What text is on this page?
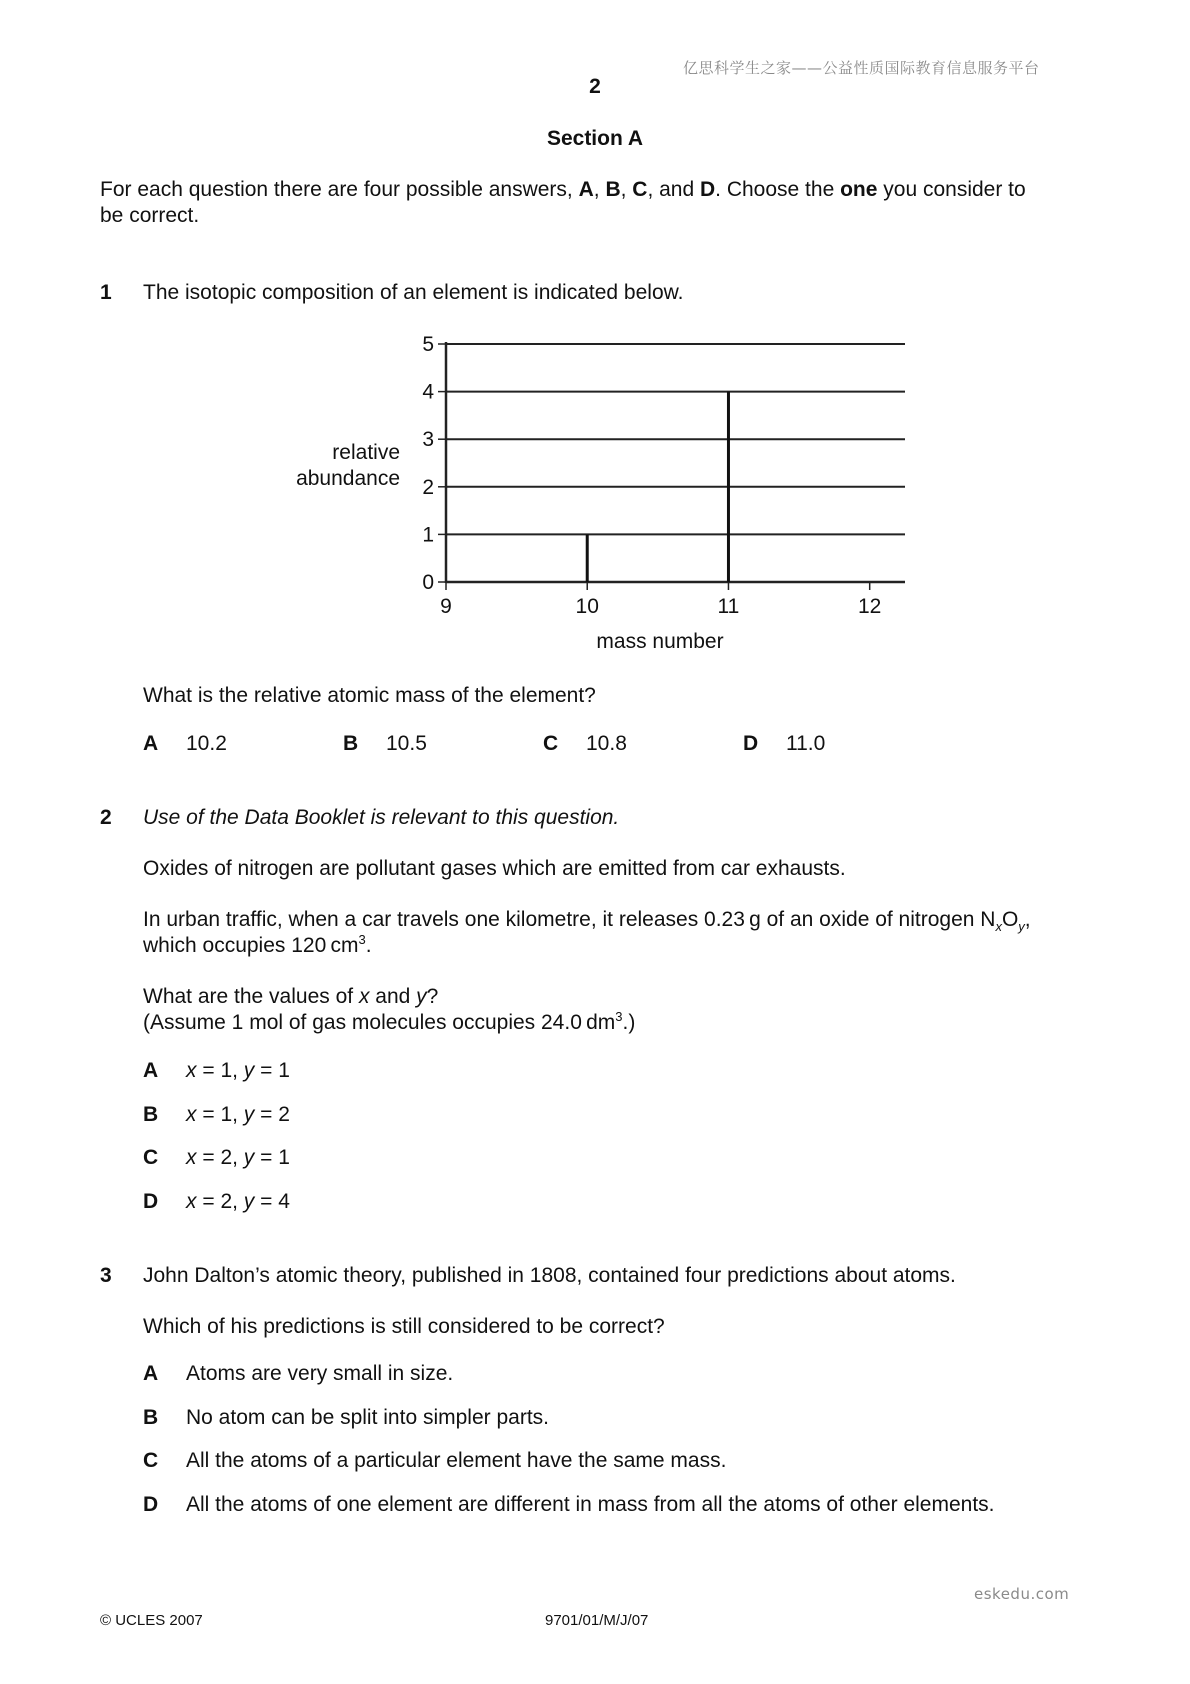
亿思科学生之家——公益性质国际教育信息服务平台
2
Section A
For each question there are four possible answers, A, B, C, and D. Choose the one you consider to
be correct.
1 The isotopic composition of an element is indicated below.
relative
abundance
mass number
0
1
2
3
4
5
9	10	11	12
What is the relative atomic mass of the element?
A 10.2	B 10.5	C 10.8	D 11.0
2 Use of the Data Booklet is relevant to this question.
Oxides of nitrogen are pollutant gases which are emitted from car exhausts.
In urban traffic, when a car travels one kilometre, it releases 0.23 g of an oxide of nitrogen $N_xO_y$,
which occupies 120 $cm^3$.
What are the values of x and y?
(Assume 1 mol of gas molecules occupies 24.0 $dm^3$.)
A x = 1, y = 1
B x = 1, y = 2
C x = 2, y = 1
D x = 2, y = 4
3 John Dalton’s atomic theory, published in 1808, contained four predictions about atoms.
Which of his predictions is still considered to be correct?
A Atoms are very small in size.
B No atom can be split into simpler parts.
C All the atoms of a particular element have the same mass.
D All the atoms of one element are different in mass from all the atoms of other elements.
eskedu.com
© UCLES 2007	9701/01/M/J/07
